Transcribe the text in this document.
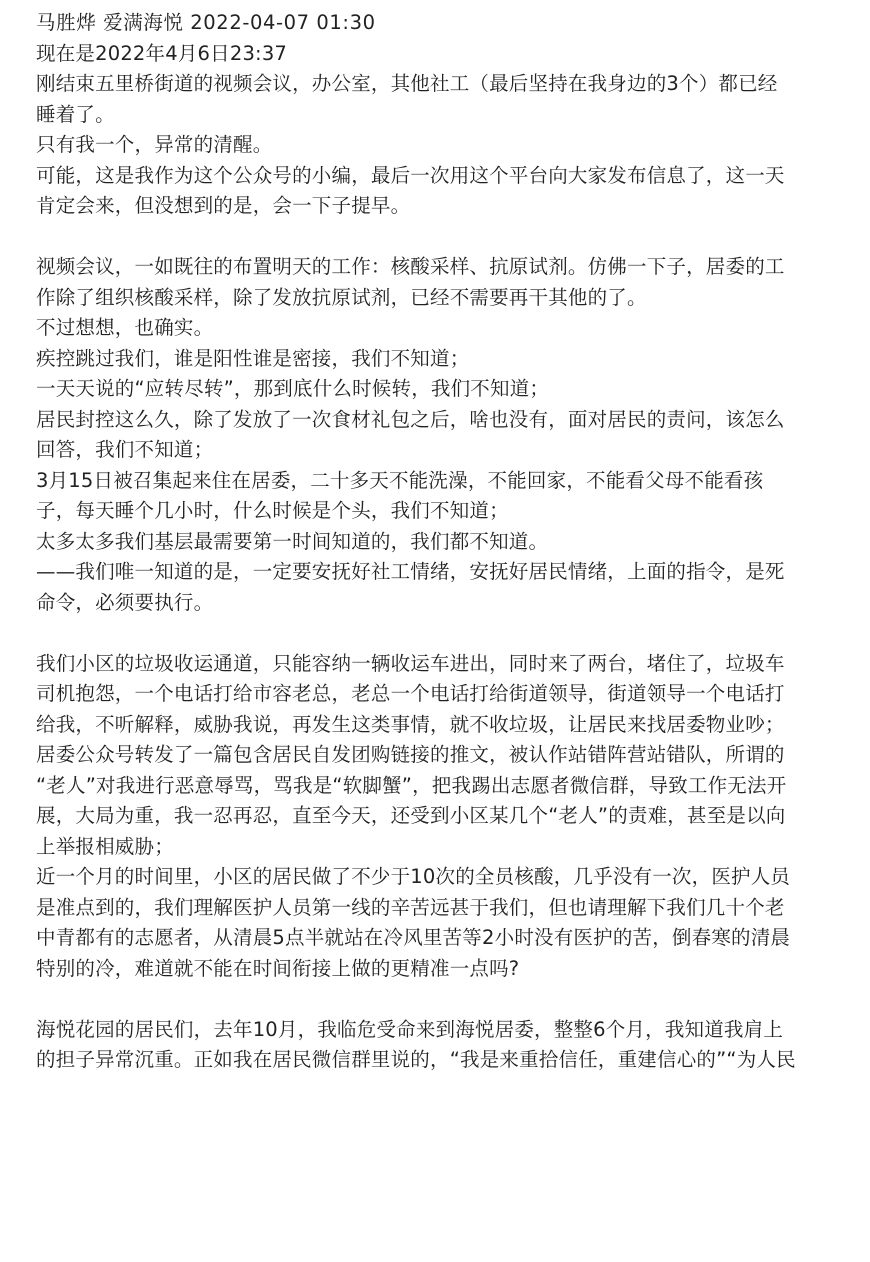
马胜烨 爱满海悦 2022-04-07 01:30
现在是2022年4月6日23:37
刚结束五里桥街道的视频会议，办公室，其他社工（最后坚持在我身边的3个）都已经
睡着了。
只有我一个，异常的清醒。
可能，这是我作为这个公众号的小编，最后一次用这个平台向大家发布信息了，这一天
肯定会来，但没想到的是，会一下子提早。
视频会议，一如既往的布置明天的工作：核酸采样、抗原试剂。仿佛一下子，居委的工
作除了组织核酸采样，除了发放抗原试剂，已经不需要再干其他的了。
不过想想，也确实。
疾控跳过我们，谁是阳性谁是密接，我们不知道；
一天天说的“应转尽转”，那到底什么时候转，我们不知道；
居民封控这么久，除了发放了一次食材礼包之后，啥也没有，面对居民的责问，该怎么
回答，我们不知道；
3月15日被召集起来住在居委，二十多天不能洗澡，不能回家，不能看父母不能看孩
子，每天睡个几小时，什么时候是个头，我们不知道；
太多太多我们基层最需要第一时间知道的，我们都不知道。
——我们唯一知道的是，一定要安抚好社工情绪，安抚好居民情绪，上面的指令，是死
命令，必须要执行。
我们小区的垃圾收运通道，只能容纳一辆收运车进出，同时来了两台，堵住了，垃圾车
司机抱怨，一个电话打给市容老总，老总一个电话打给街道领导，街道领导一个电话打
给我，不听解释，威胁我说，再发生这类事情，就不收垃圾，让居民来找居委物业吵；
居委公众号转发了一篇包含居民自发团购链接的推文，被认作站错阵营站错队，所谓的
“老人”对我进行恶意辱骂，骂我是“软脚蟹”，把我踢出志愿者微信群，导致工作无法开
展，大局为重，我一忍再忍，直至今天，还受到小区某几个“老人”的责难，甚至是以向
上举报相威胁；
近一个月的时间里，小区的居民做了不少于10次的全员核酸，几乎没有一次，医护人员
是准点到的，我们理解医护人员第一线的辛苦远甚于我们，但也请理解下我们几十个老
中青都有的志愿者，从清晨5点半就站在冷风里苦等2小时没有医护的苦，倒春寒的清晨
特别的冷，难道就不能在时间衔接上做的更精准一点吗?
海悦花园的居民们，去年10月，我临危受命来到海悦居委，整整6个月，我知道我肩上
的担子异常沉重。正如我在居民微信群里说的，“我是来重拾信任，重建信心的”“为人民
